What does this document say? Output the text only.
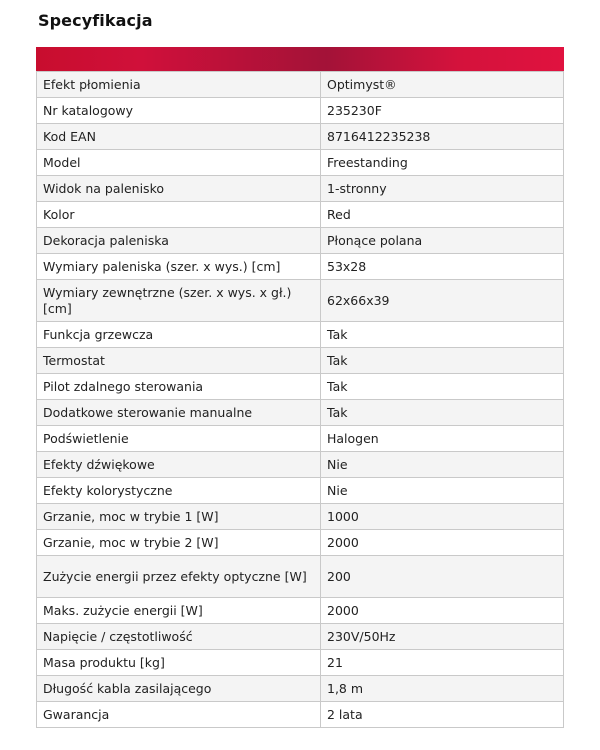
Specyfikacja
Efekt płomienia	Optimyst®
Nr katalogowy	235230F
Kod EAN	8716412235238
Model	Freestanding
Widok na palenisko	1-stronny
Kolor	Red
Dekoracja paleniska	Płonące polana
Wymiary paleniska (szer. x wys.) [cm]	53x28
Wymiary zewnętrzne (szer. x wys. x gł.) [cm]	62x66x39
Funkcja grzewcza	Tak
Termostat	Tak
Pilot zdalnego sterowania	Tak
Dodatkowe sterowanie manualne	Tak
Podświetlenie	Halogen
Efekty dźwiękowe	Nie
Efekty kolorystyczne	Nie
Grzanie, moc w trybie 1 [W]	1000
Grzanie, moc w trybie 2 [W]	2000
Zużycie energii przez efekty optyczne [W]	200
Maks. zużycie energii [W]	2000
Napięcie / częstotliwość	230V/50Hz
Masa produktu [kg]	21
Długość kabla zasilającego	1,8 m
Gwarancja	2 lata
